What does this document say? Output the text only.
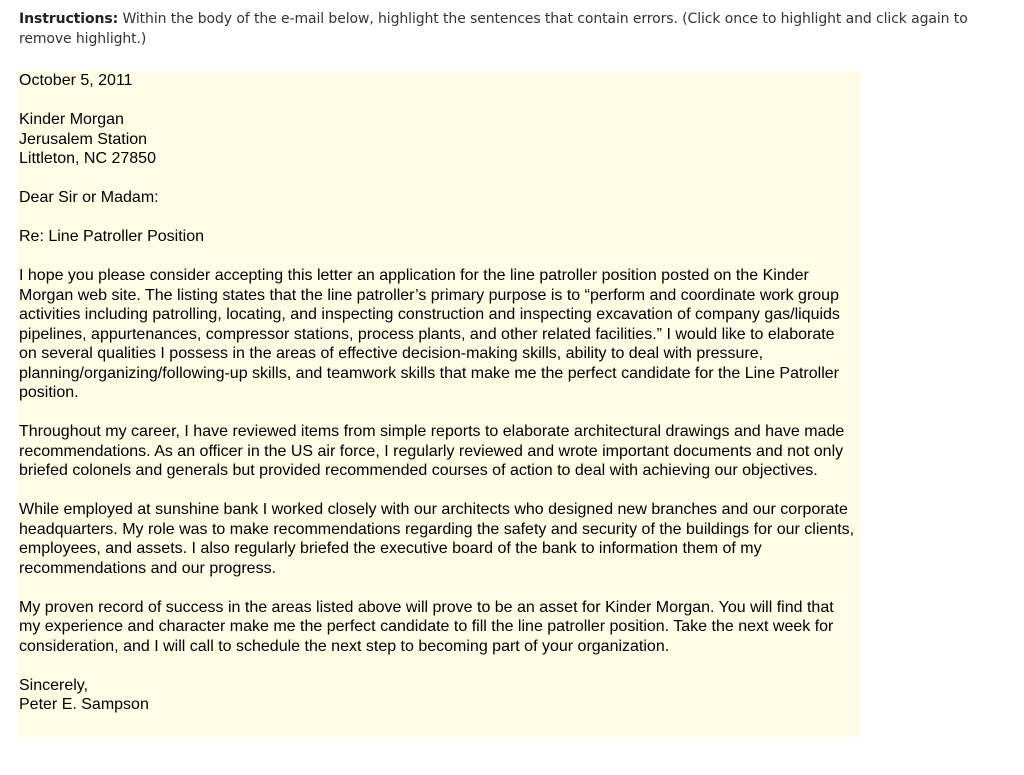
Instructions: Within the body of the e-mail below, highlight the sentences that contain errors. (Click once to highlight and click again to remove highlight.)
October 5, 2011
Kinder Morgan
Jerusalem Station
Littleton, NC 27850
Dear Sir or Madam:
Re: Line Patroller Position

I hope you please consider accepting this letter an application for the line patroller position posted on the Kinder Morgan web site. The listing states that the line patroller’s primary purpose is to “perform and coordinate work group activities including patrolling, locating, and inspecting construction and inspecting excavation of company gas/liquids pipelines, appurtenances, compressor stations, process plants, and other related facilities.” I would like to elaborate on several qualities I possess in the areas of effective decision-making skills, ability to deal with pressure, planning/organizing/following-up skills, and teamwork skills that make me the perfect candidate for the Line Patroller position.

Throughout my career, I have reviewed items from simple reports to elaborate architectural drawings and have made recommendations. As an officer in the US air force, I regularly reviewed and wrote important documents and not only briefed colonels and generals but provided recommended courses of action to deal with achieving our objectives.

While employed at sunshine bank I worked closely with our architects who designed new branches and our corporate headquarters. My role was to make recommendations regarding the safety and security of the buildings for our clients, employees, and assets. I also regularly briefed the executive board of the bank to information them of my recommendations and our progress.

My proven record of success in the areas listed above will prove to be an asset for Kinder Morgan. You will find that my experience and character make me the perfect candidate to fill the line patroller position. Take the next week for consideration, and I will call to schedule the next step to becoming part of your organization.

Sincerely,
Peter E. Sampson
